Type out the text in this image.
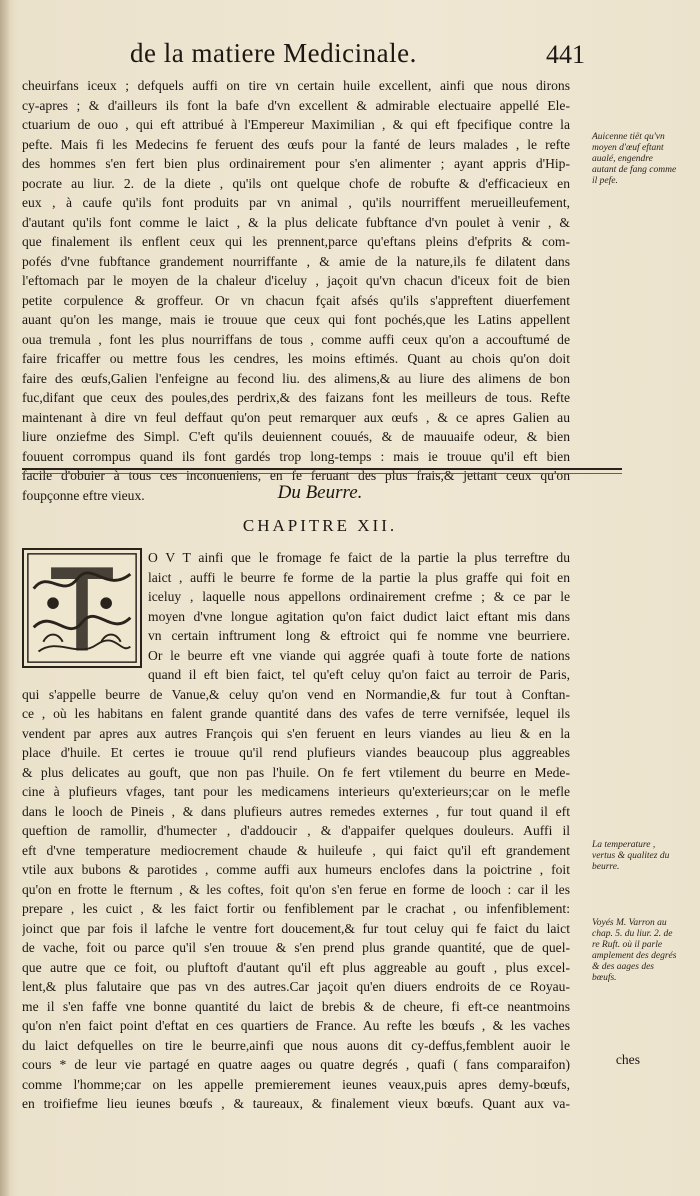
de la matiere Medicinale.	441
cheuirfans iceux ; defquels auffi on tire vn certain huile excellent, ainfi que nous dirons
cy-apres ; & d'ailleurs ils font la bafe d'vn excellent & admirable electuaire appellé Ele-
ctuarium de ouo , qui eft attribué à l'Empereur Maximilian , & qui eft fpecifique contre la
pefte. Mais fi les Medecins fe feruent des œufs pour la fanté de leurs malades , le refte
des hommes s'en fert bien plus ordinairement pour s'en alimenter ; ayant appris d'Hip-
pocrate au liur. 2. de la diete , qu'ils ont quelque chofe de robufte & d'efficacieux en
eux , à caufe qu'ils font produits par vn animal , qu'ils nourriffent merueilleufement,
d'autant qu'ils font comme le laict , & la plus delicate fubftance d'vn poulet à venir , &
que finalement ils enflent ceux qui les prennent,parce qu'eftans pleins d'efprits & com-
pofés d'vne fubftance grandement nourriffante , & amie de la nature,ils fe dilatent dans
l'eftomach par le moyen de la chaleur d'iceluy , jaçoit qu'vn chacun d'iceux foit de bien
petite corpulence & groffeur. Or vn chacun fçait afsés qu'ils s'appreftent diuerfement
auant qu'on les mange, mais ie trouue que ceux qui font pochés,que les Latins appellent
oua tremula , font les plus nourriffans de tous , comme auffi ceux qu'on a accouftumé de
faire fricaffer ou mettre fous les cendres, les moins eftimés. Quant au chois qu'on doit
faire des œufs,Galien l'enfeigne au fecond liu. des alimens,& au liure des alimens de bon
fuc,difant que ceux des poules,des perdrix,& des faizans font les meilleurs de tous. Refte
maintenant à dire vn feul deffaut qu'on peut remarquer aux œufs , & ce apres Galien au
liure onziefme des Simpl. C'eft qu'ils deuiennent couués, & de mauuaife odeur, & bien
fouuent corrompus quand ils font gardés trop long-temps : mais ie trouue qu'il eft bien
facile d'obuier à tous ces inconueniens, en fe feruant des plus frais,& jettant ceux qu'on
foupçonne eftre vieux.
Auicenne tiët qu'vn moyen d'œuf eftant aualé, engendre autant de fang comme il pefe.
Du Beurre.
CHAPITRE XII.
O V T ainfi que le fromage fe faict de la partie la plus terreftre du
laict , auffi le beurre fe forme de la partie la plus graffe qui foit en
iceluy , laquelle nous appellons ordinairement crefme ; & ce par le
moyen d'vne longue agitation qu'on faict dudict laict eftant mis dans
vn certain inftrument long & eftroict qui fe nomme vne beurriere.
Or le beurre eft vne viande qui aggrée quafi à toute forte de nations
quand il eft bien faict, tel qu'eft celuy qu'on faict au terroir de Paris,
qui s'appelle beurre de Vanue,& celuy qu'on vend en Normandie,& fur tout à Conftan-
ce , où les habitans en falent grande quantité dans des vafes de terre vernifsée, lequel ils
vendent par apres aux autres François qui s'en feruent en leurs viandes au lieu & en la
place d'huile. Et certes ie trouue qu'il rend plufieurs viandes beaucoup plus aggreables
& plus delicates au gouft, que non pas l'huile. On fe fert vtilement du beurre en Mede-
cine à plufieurs vfages, tant pour les medicamens interieurs qu'exterieurs;car on le mefle
dans le looch de Pineis , & dans plufieurs autres remedes externes , fur tout quand il eft
queftion de ramollir, d'humecter , d'addoucir , & d'appaifer quelques douleurs. Auffi il
eft d'vne temperature mediocrement chaude & huileufe , qui faict qu'il eft grandement
vtile aux bubons & parotides , comme auffi aux humeurs enclofes dans la poictrine , foit
qu'on en frotte le fternum , & les coftes, foit qu'on s'en ferue en forme de looch : car il les
prepare , les cuict , & les faict fortir ou fenfiblement par le crachat , ou infenfiblement:
joinct que par fois il lafche le ventre fort doucement,& fur tout celuy qui fe faict du laict
de vache, foit ou parce qu'il s'en trouue & s'en prend plus grande quantité, que de quel-
que autre que ce foit, ou pluftoft d'autant qu'il eft plus aggreable au gouft , plus excel-
lent,& plus falutaire que pas vn des autres.Car jaçoit qu'en diuers endroits de ce Royau-
me il s'en faffe vne bonne quantité du laict de brebis & de cheure, fi eft-ce neantmoins
qu'on n'en faict point d'eftat en ces quartiers de France. Au refte les bœufs , & les vaches
du laict defquelles on tire le beurre,ainfi que nous auons dit cy-deffus,femblent auoir le
cours * de leur vie partagé en quatre aages ou quatre degrés , quafi ( fans comparaifon)
comme l'homme;car on les appelle premierement ieunes veaux,puis apres demy-bœufs,
en troifiefme lieu ieunes bœufs , & taureaux, & finalement vieux bœufs. Quant aux va-
ches
La temperature , vertus & qualitez du beurre.
Voyés M. Varron au chap. 5. du liur. 2. de re Ruft. où il parle amplement des degrés & des aages des bœufs.
